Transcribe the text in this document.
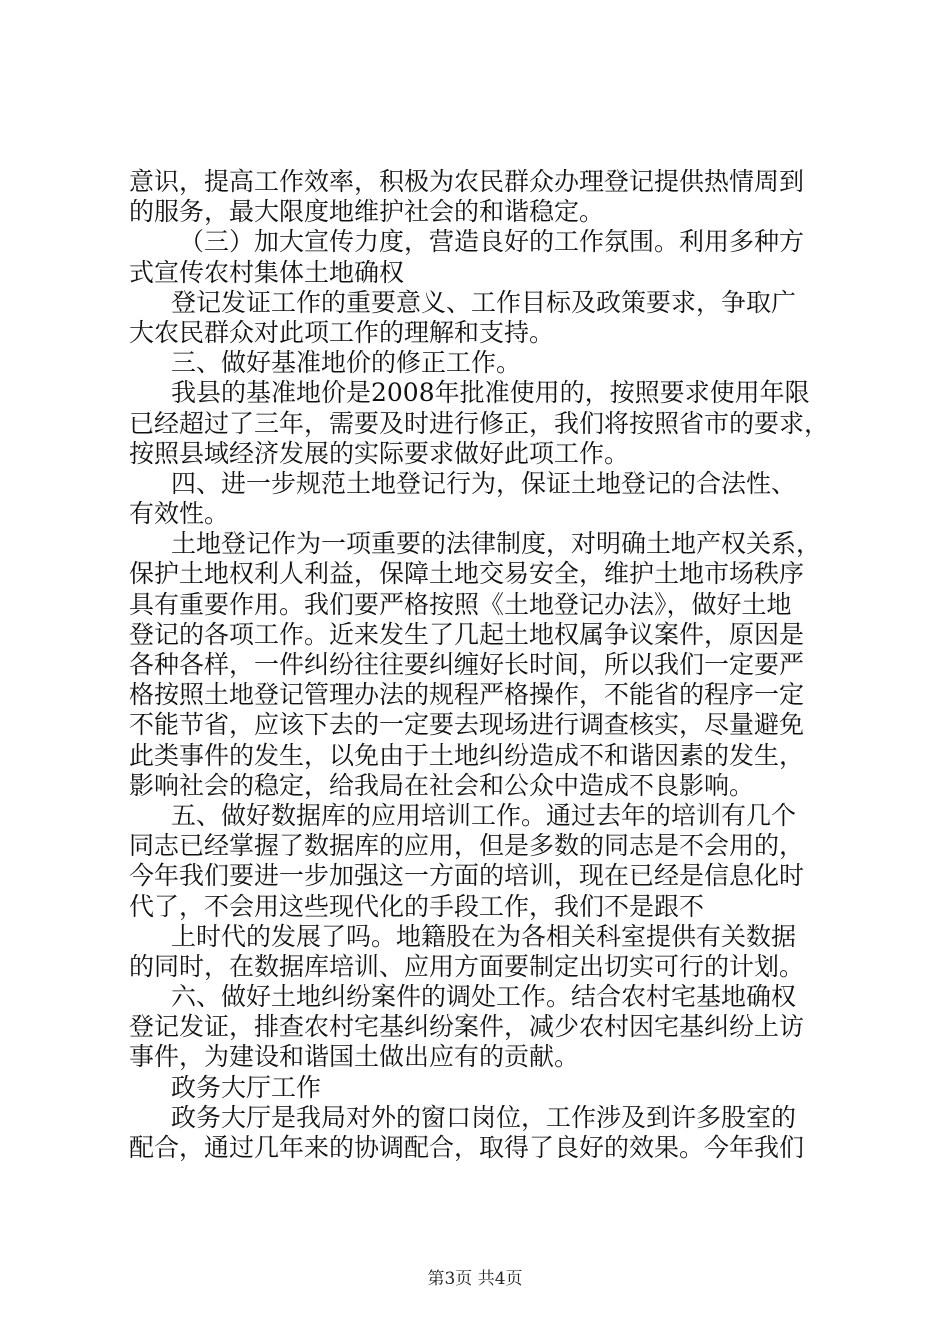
意识，提高工作效率，积极为农民群众办理登记提供热情周到
的服务，最大限度地维护社会的和谐稳定。
（三）加大宣传力度，营造良好的工作氛围。利用多种方
式宣传农村集体土地确权
登记发证工作的重要意义、工作目标及政策要求，争取广
大农民群众对此项工作的理解和支持。
三、做好基准地价的修正工作。
我县的基准地价是2008年批准使用的，按照要求使用年限
已经超过了三年，需要及时进行修正，我们将按照省市的要求，
按照县域经济发展的实际要求做好此项工作。
四、进一步规范土地登记行为，保证土地登记的合法性、
有效性。
土地登记作为一项重要的法律制度，对明确土地产权关系，
保护土地权利人利益，保障土地交易安全，维护土地市场秩序
具有重要作用。我们要严格按照《土地登记办法》，做好土地
登记的各项工作。近来发生了几起土地权属争议案件，原因是
各种各样，一件纠纷往往要纠缠好长时间，所以我们一定要严
格按照土地登记管理办法的规程严格操作，不能省的程序一定
不能节省，应该下去的一定要去现场进行调查核实，尽量避免
此类事件的发生，以免由于土地纠纷造成不和谐因素的发生，
影响社会的稳定，给我局在社会和公众中造成不良影响。
五、做好数据库的应用培训工作。通过去年的培训有几个
同志已经掌握了数据库的应用，但是多数的同志是不会用的，
今年我们要进一步加强这一方面的培训，现在已经是信息化时
代了，不会用这些现代化的手段工作，我们不是跟不
上时代的发展了吗。地籍股在为各相关科室提供有关数据
的同时，在数据库培训、应用方面要制定出切实可行的计划。
六、做好土地纠纷案件的调处工作。结合农村宅基地确权
登记发证，排查农村宅基纠纷案件，减少农村因宅基纠纷上访
事件，为建设和谐国土做出应有的贡献。
政务大厅工作
政务大厅是我局对外的窗口岗位，工作涉及到许多股室的
配合，通过几年来的协调配合，取得了良好的效果。今年我们
第3页 共4页
